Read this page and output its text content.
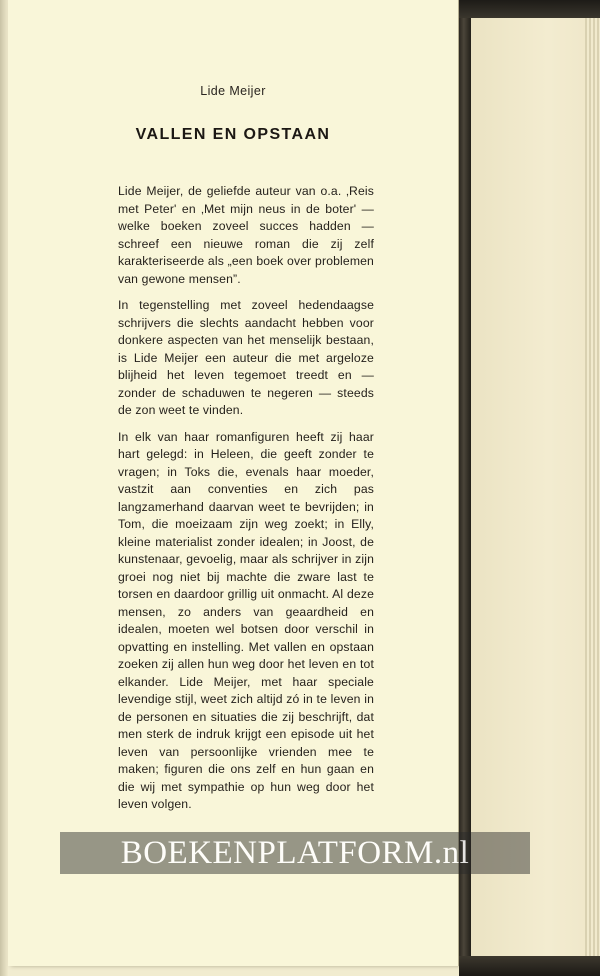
Lide Meijer
VALLEN EN OPSTAAN

Lide Meijer, de geliefde auteur van o.a. ‚Reis met Peter' en ‚Met mijn neus in de boter' — welke boeken zoveel succes hadden — schreef een nieuwe roman die zij zelf karakteriseerde als „een boek over problemen van gewone mensen”.

In tegenstelling met zoveel hedendaagse schrijvers die slechts aandacht hebben voor donkere aspecten van het menselijk bestaan, is Lide Meijer een auteur die met argeloze blijheid het leven tegemoet treedt en — zonder de schaduwen te negeren — steeds de zon weet te vinden.

In elk van haar romanfiguren heeft zij haar hart gelegd: in Heleen, die geeft zonder te vragen; in Toks die, evenals haar moeder, vastzit aan conventies en zich pas langzamerhand daarvan weet te bevrijden; in Tom, die moeizaam zijn weg zoekt; in Elly, kleine materialist zonder idealen; in Joost, de kunstenaar, gevoelig, maar als schrijver in zijn groei nog niet bij machte die zware last te torsen en daardoor grillig uit onmacht. Al deze mensen, zo anders van geaardheid en idealen, moeten wel botsen door verschil in opvatting en instelling. Met vallen en opstaan zoeken zij allen hun weg door het leven en tot elkander. Lide Meijer, met haar speciale levendige stijl, weet zich altijd zó in te leven in de personen en situaties die zij beschrijft, dat men sterk de indruk krijgt een episode uit het leven van persoonlijke vrienden mee te maken; figuren die ons zelf en hun gaan en die wij met sympathie op hun weg door het leven volgen.

BOEKENPLATFORM.nl
